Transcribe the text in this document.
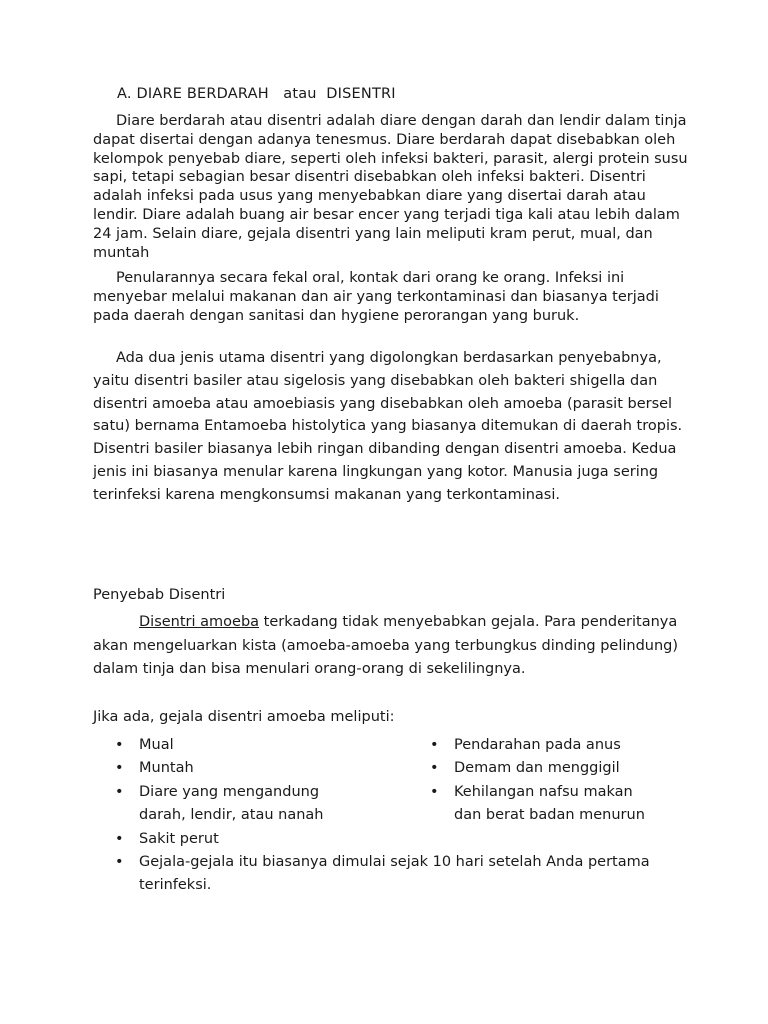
A. DIARE BERDARAH   atau  DISENTRI

Diare berdarah atau disentri adalah diare dengan darah dan lendir dalam tinja dapat disertai dengan adanya tenesmus. Diare berdarah dapat disebabkan oleh kelompok penyebab diare, seperti oleh infeksi bakteri, parasit, alergi protein susu sapi, tetapi sebagian besar disentri disebabkan oleh infeksi bakteri. Disentri adalah infeksi pada usus yang menyebabkan diare yang disertai darah atau lendir. Diare adalah buang air besar encer yang terjadi tiga kali atau lebih dalam 24 jam. Selain diare, gejala disentri yang lain meliputi kram perut, mual, dan muntah

Penularannya secara fekal oral, kontak dari orang ke orang. Infeksi ini menyebar melalui makanan dan air yang terkontaminasi dan biasanya terjadi pada daerah dengan sanitasi dan hygiene perorangan yang buruk.

Ada dua jenis utama disentri yang digolongkan berdasarkan penyebabnya, yaitu disentri basiler atau sigelosis yang disebabkan oleh bakteri shigella dan disentri amoeba atau amoebiasis yang disebabkan oleh amoeba (parasit bersel satu) bernama Entamoeba histolytica yang biasanya ditemukan di daerah tropis. Disentri basiler biasanya lebih ringan dibanding dengan disentri amoeba. Kedua jenis ini biasanya menular karena lingkungan yang kotor. Manusia juga sering terinfeksi karena mengkonsumsi makanan yang terkontaminasi.

Penyebab Disentri

Disentri amoeba terkadang tidak menyebabkan gejala. Para penderitanya akan mengeluarkan kista (amoeba-amoeba yang terbungkus dinding pelindung) dalam tinja dan bisa menulari orang-orang di sekelilingnya.

Jika ada, gejala disentri amoeba meliputi:

• Mual
• Muntah
• Diare yang mengandung
darah, lendir, atau nanah
• Sakit perut
• Gejala-gejala itu biasanya dimulai sejak 10 hari setelah Anda pertama
terinfeksi.
• Pendarahan pada anus
• Demam dan menggigil
• Kehilangan nafsu makan
dan berat badan menurun
